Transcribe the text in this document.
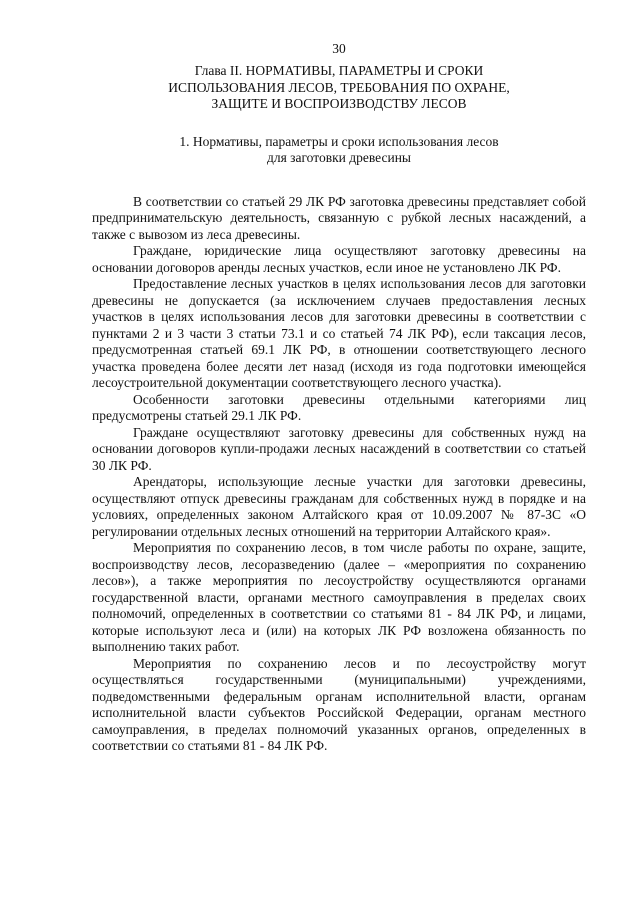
30
Глава II. НОРМАТИВЫ, ПАРАМЕТРЫ И СРОКИ
ИСПОЛЬЗОВАНИЯ ЛЕСОВ, ТРЕБОВАНИЯ ПО ОХРАНЕ,
ЗАЩИТЕ И ВОСПРОИЗВОДСТВУ ЛЕСОВ
1. Нормативы, параметры и сроки использования лесов
для заготовки древесины

В соответствии со статьей 29 ЛК РФ заготовка древесины представляет собой предпринимательскую деятельность, связанную с рубкой лесных насаждений, а также с вывозом из леса древесины.

Граждане, юридические лица осуществляют заготовку древесины на основании договоров аренды лесных участков, если иное не установлено ЛК РФ.

Предоставление лесных участков в целях использования лесов для заготовки древесины не допускается (за исключением случаев предоставления лесных участков в целях использования лесов для заготовки древесины в соответствии с пунктами 2 и 3 части 3 статьи 73.1 и со статьей 74 ЛК РФ), если таксация лесов, предусмотренная статьей 69.1 ЛК РФ, в отношении соответствующего лесного участка проведена более десяти лет назад (исходя из года подготовки имеющейся лесоустроительной документации соответствующего лесного участка).

Особенности заготовки древесины отдельными категориями лиц предусмотрены статьей 29.1 ЛК РФ.

Граждане осуществляют заготовку древесины для собственных нужд на основании договоров купли-продажи лесных насаждений в соответствии со статьей 30 ЛК РФ.

Арендаторы, использующие лесные участки для заготовки древесины, осуществляют отпуск древесины гражданам для собственных нужд в порядке и на условиях, определенных законом Алтайского края от 10.09.2007 № 87-ЗС «О регулировании отдельных лесных отношений на территории Алтайского края».

Мероприятия по сохранению лесов, в том числе работы по охране, защите, воспроизводству лесов, лесоразведению (далее – «мероприятия по сохранению лесов»), а также мероприятия по лесоустройству осуществляются органами государственной власти, органами местного самоуправления в пределах своих полномочий, определенных в соответствии со статьями 81 - 84 ЛК РФ, и лицами, которые используют леса и (или) на которых ЛК РФ возложена обязанность по выполнению таких работ.

Мероприятия по сохранению лесов и по лесоустройству могут осуществляться государственными (муниципальными) учреждениями, подведомственными федеральным органам исполнительной власти, органам исполнительной власти субъектов Российской Федерации, органам местного самоуправления, в пределах полномочий указанных органов, определенных в соответствии со статьями 81 - 84 ЛК РФ.
